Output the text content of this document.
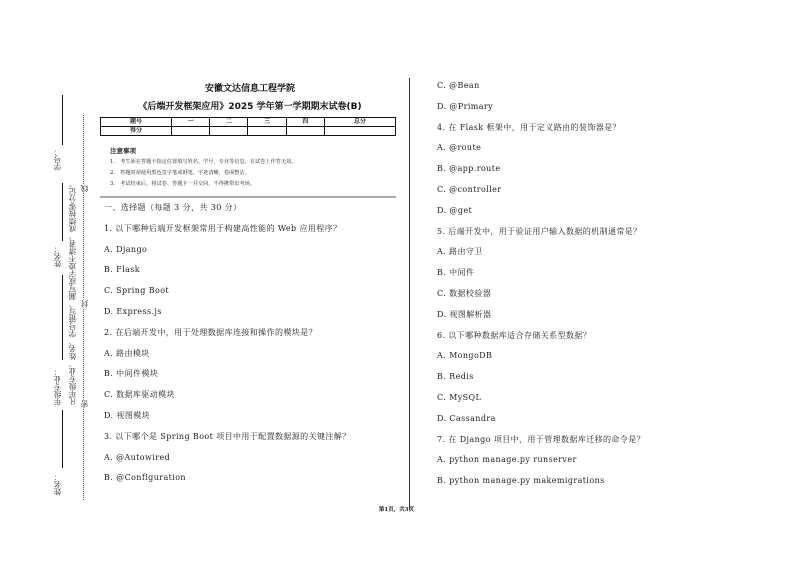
安徽文达信息工程学院
《后端开发框架应用》2025 学年第一学期期末试卷(B)
题号	一	二	三	四	总分
得分					
注意事项
1.　考生须在答题卡指定位置填写姓名、学号、专业等信息，在试卷上作答无效。
2.　答题时须使用黑色签字笔或钢笔，字迹清晰，卷面整洁。
3.　考试结束后，将试卷、答题卡一并交回，不得携带出考场。
一、选择题（每题 3 分，共 30 分）
1. 以下哪种后端开发框架常用于构建高性能的 Web 应用程序？
A. Django
B. Flask
C. Spring Boot
D. Express.js
2. 在后端开发中，用于处理数据库连接和操作的模块是？
A. 路由模块
B. 中间件模块
C. 数据库驱动模块
D. 视图模块
3. 以下哪个是 Spring Boot 项目中用于配置数据源的关键注解？
A. @Autowired
B. @Configuration
C. @Bean
D. @Primary
4. 在 Flask 框架中，用于定义路由的装饰器是？
A. @route
B. @app.route
C. @controller
D. @get
5. 后端开发中，用于验证用户输入数据的机制通常是？
A. 路由守卫
B. 中间件
C. 数据校验器
D. 视图解析器
6. 以下哪种数据库适合存储关系型数据？
A. MongoDB
B. Redis
C. MySQL
D. Cassandra
7. 在 Django 项目中，用于管理数据库迁移的命令是？
A. python manage.py runserver
B. python manage.py makemigrations
学号：
姓名：
年级专业：
姓名：
凡年级专业、姓名、学号错写、漏写或字迹不清者，成绩按零分记。 线
封
密
第1页，共3页
